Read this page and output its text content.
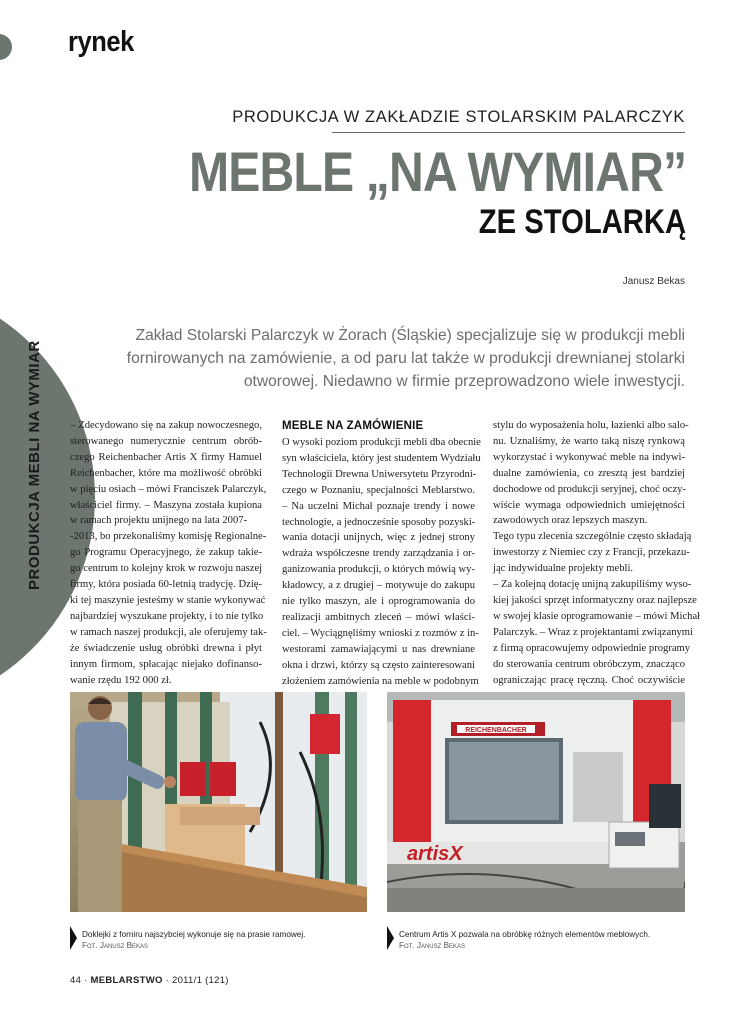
rynek
PRODUKCJA MEBLI NA WYMIAR
PRODUKCJA W ZAKŁADZIE STOLARSKIM PALARCZYK
MEBLE „NA WYMIAR”
ZE STOLARKĄ
Janusz Bekas
Zakład Stolarski Palarczyk w Żorach (Śląskie) specjalizuje się w produkcji mebli
fornirowanych na zamówienie, a od paru lat także w produkcji drewnianej stolarki
otworowej. Niedawno w firmie przeprowadzono wiele inwestycji.
– Zdecydowano się na zakup nowoczesnego,
sterowanego numerycznie centrum obrób-
czego Reichenbacher Artis X firmy Hamuel
Reichenbacher, które ma możliwość obróbki
w pięciu osiach – mówi Franciszek Palarczyk,
właściciel firmy. – Maszyna została kupiona
w ramach projektu unijnego na lata 2007-
-2013, bo przekonaliśmy komisję Regionalne-
go Programu Operacyjnego, że zakup takie-
go centrum to kolejny krok w rozwoju naszej
firmy, która posiada 60-letnią tradycję. Dzię-
ki tej maszynie jesteśmy w stanie wykonywać
najbardziej wyszukane projekty, i to nie tylko
w ramach naszej produkcji, ale oferujemy tak-
że świadczenie usług obróbki drewna i płyt
innym firmom, spłacając niejako dofinanso-
wanie rzędu 192 000 zł.
MEBLE NA ZAMÓWIENIE
O wysoki poziom produkcji mebli dba obecnie
syn właściciela, który jest studentem Wydziału
Technologii Drewna Uniwersytetu Przyrodni-
czego w Poznaniu, specjalności Meblarstwo.
– Na uczelni Michał poznaje trendy i nowe
technologie, a jednocześnie sposoby pozyski-
wania dotacji unijnych, więc z jednej strony
wdraża współczesne trendy zarządzania i or-
ganizowania produkcji, o których mówią wy-
kładowcy, a z drugiej – motywuje do zakupu
nie tylko maszyn, ale i oprogramowania do
realizacji ambitnych zleceń – mówi właści-
ciel. – Wyciągnęliśmy wnioski z rozmów z in-
westorami zamawiającymi u nas drewniane
okna i drzwi, którzy są często zainteresowani
złożeniem zamówienia na meble w podobnym
stylu do wyposażenia holu, łazienki albo salo-
nu. Uznaliśmy, że warto taką niszę rynkową
wykorzystać i wykonywać meble na indywi-
dualne zamówienia, co zresztą jest bardziej
dochodowe od produkcji seryjnej, choć oczy-
wiście wymaga odpowiednich umiejętności
zawodowych oraz lepszych maszyn.
Tego typu zlecenia szczególnie często składają
inwestorzy z Niemiec czy z Francji, przekazu-
jąc indywidualne projekty mebli.
– Za kolejną dotację unijną zakupiliśmy wyso-
kiej jakości sprzęt informatyczny oraz najlepsze
w swojej klasie oprogramowanie – mówi Michał
Palarczyk. – Wraz z projektantami związanymi
z firmą opracowujemy odpowiednie programy
do sterowania centrum obróbczym, znacząco
ograniczając pracę ręczną. Choć oczywiście
REICHENBACHER
artisX
Doklejki z forniru najszybciej wykonuje się na prasie ramowej.
Fot. Janusz Bekas
Centrum Artis X pozwala na obróbkę różnych elementów meblowych.
Fot. Janusz Bekas
44 · MEBLARSTWO · 2011/1 (121)
